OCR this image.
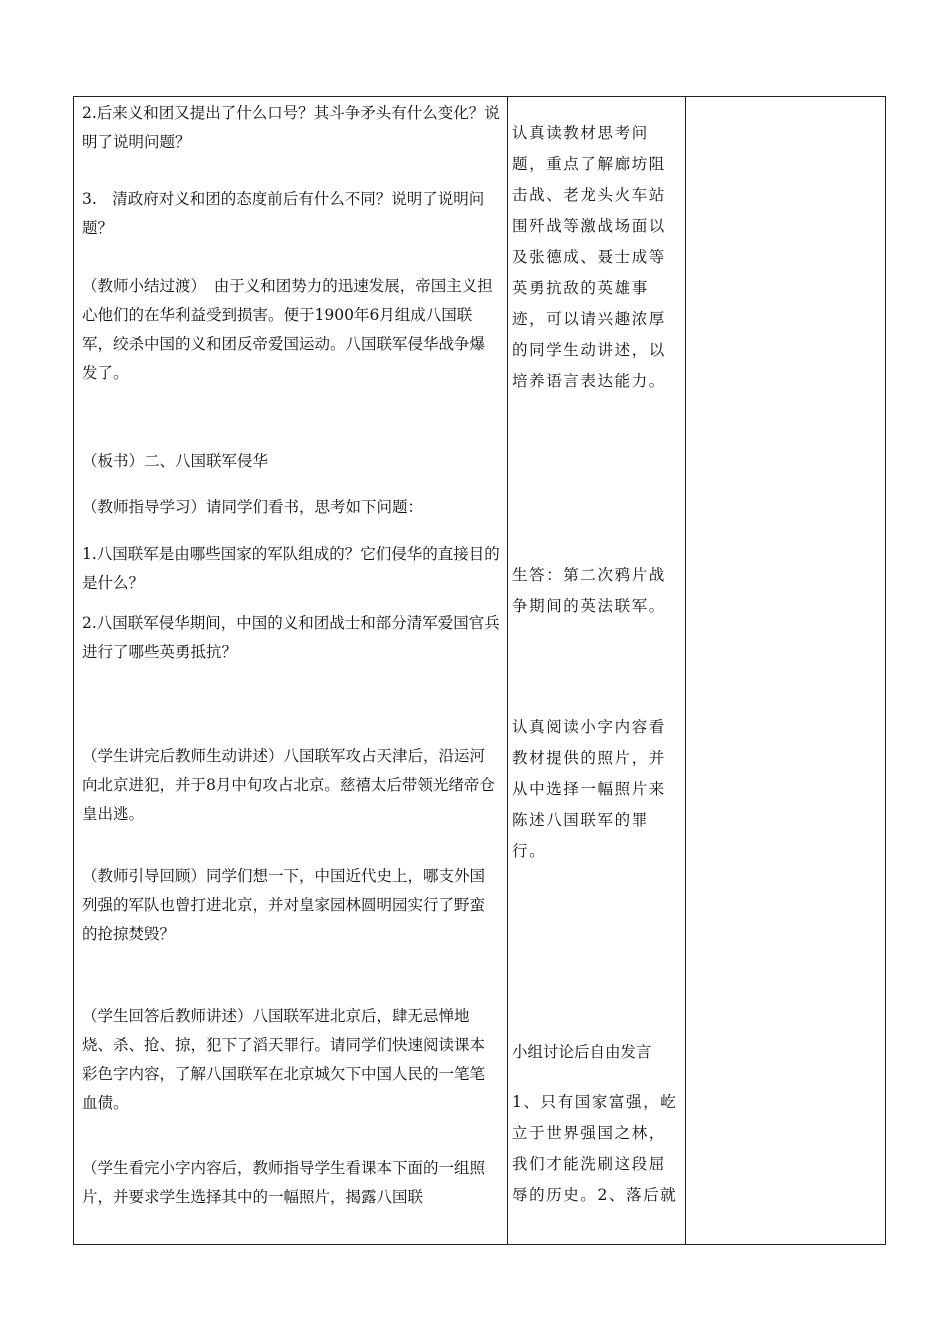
2.后来义和团又提出了什么口号？其斗争矛头有什么变化？说明了说明问题？

3.　清政府对义和团的态度前后有什么不同？说明了说明问题？

（教师小结过渡）　由于义和团势力的迅速发展，帝国主义担心他们的在华利益受到损害。便于1900年6月组成八国联军，绞杀中国的义和团反帝爱国运动。八国联军侵华战争爆发了。

（板书）二、八国联军侵华

（教师指导学习）请同学们看书，思考如下问题：

1.八国联军是由哪些国家的军队组成的？它们侵华的直接目的是什么？

2.八国联军侵华期间，中国的义和团战士和部分清军爱国官兵进行了哪些英勇抵抗？

（学生讲完后教师生动讲述）八国联军攻占天津后，沿运河向北京进犯，并于8月中旬攻占北京。慈禧太后带领光绪帝仓皇出逃。

（教师引导回顾）同学们想一下，中国近代史上，哪支外国列强的军队也曾打进北京，并对皇家园林圆明园实行了野蛮的抢掠焚毁？

（学生回答后教师讲述）八国联军进北京后，肆无忌惮地烧、杀、抢、掠，犯下了滔天罪行。请同学们快速阅读课本彩色字内容，了解八国联军在北京城欠下中国人民的一笔笔血债。

（学生看完小字内容后，教师指导学生看课本下面的一组照片，并要求学生选择其中的一幅照片，揭露八国联

认真读教材思考问题，重点了解廊坊阻击战、老龙头火车站围歼战等激战场面以及张德成、聂士成等英勇抗敌的英雄事迹，可以请兴趣浓厚的同学生动讲述，以培养语言表达能力。

生答：第二次鸦片战争期间的英法联军。

认真阅读小字内容看教材提供的照片，并从中选择一幅照片来陈述八国联军的罪行。

小组讨论后自由发言

1、只有国家富强，屹立于世界强国之林，我们才能洗刷这段屈辱的历史。2、落后就
